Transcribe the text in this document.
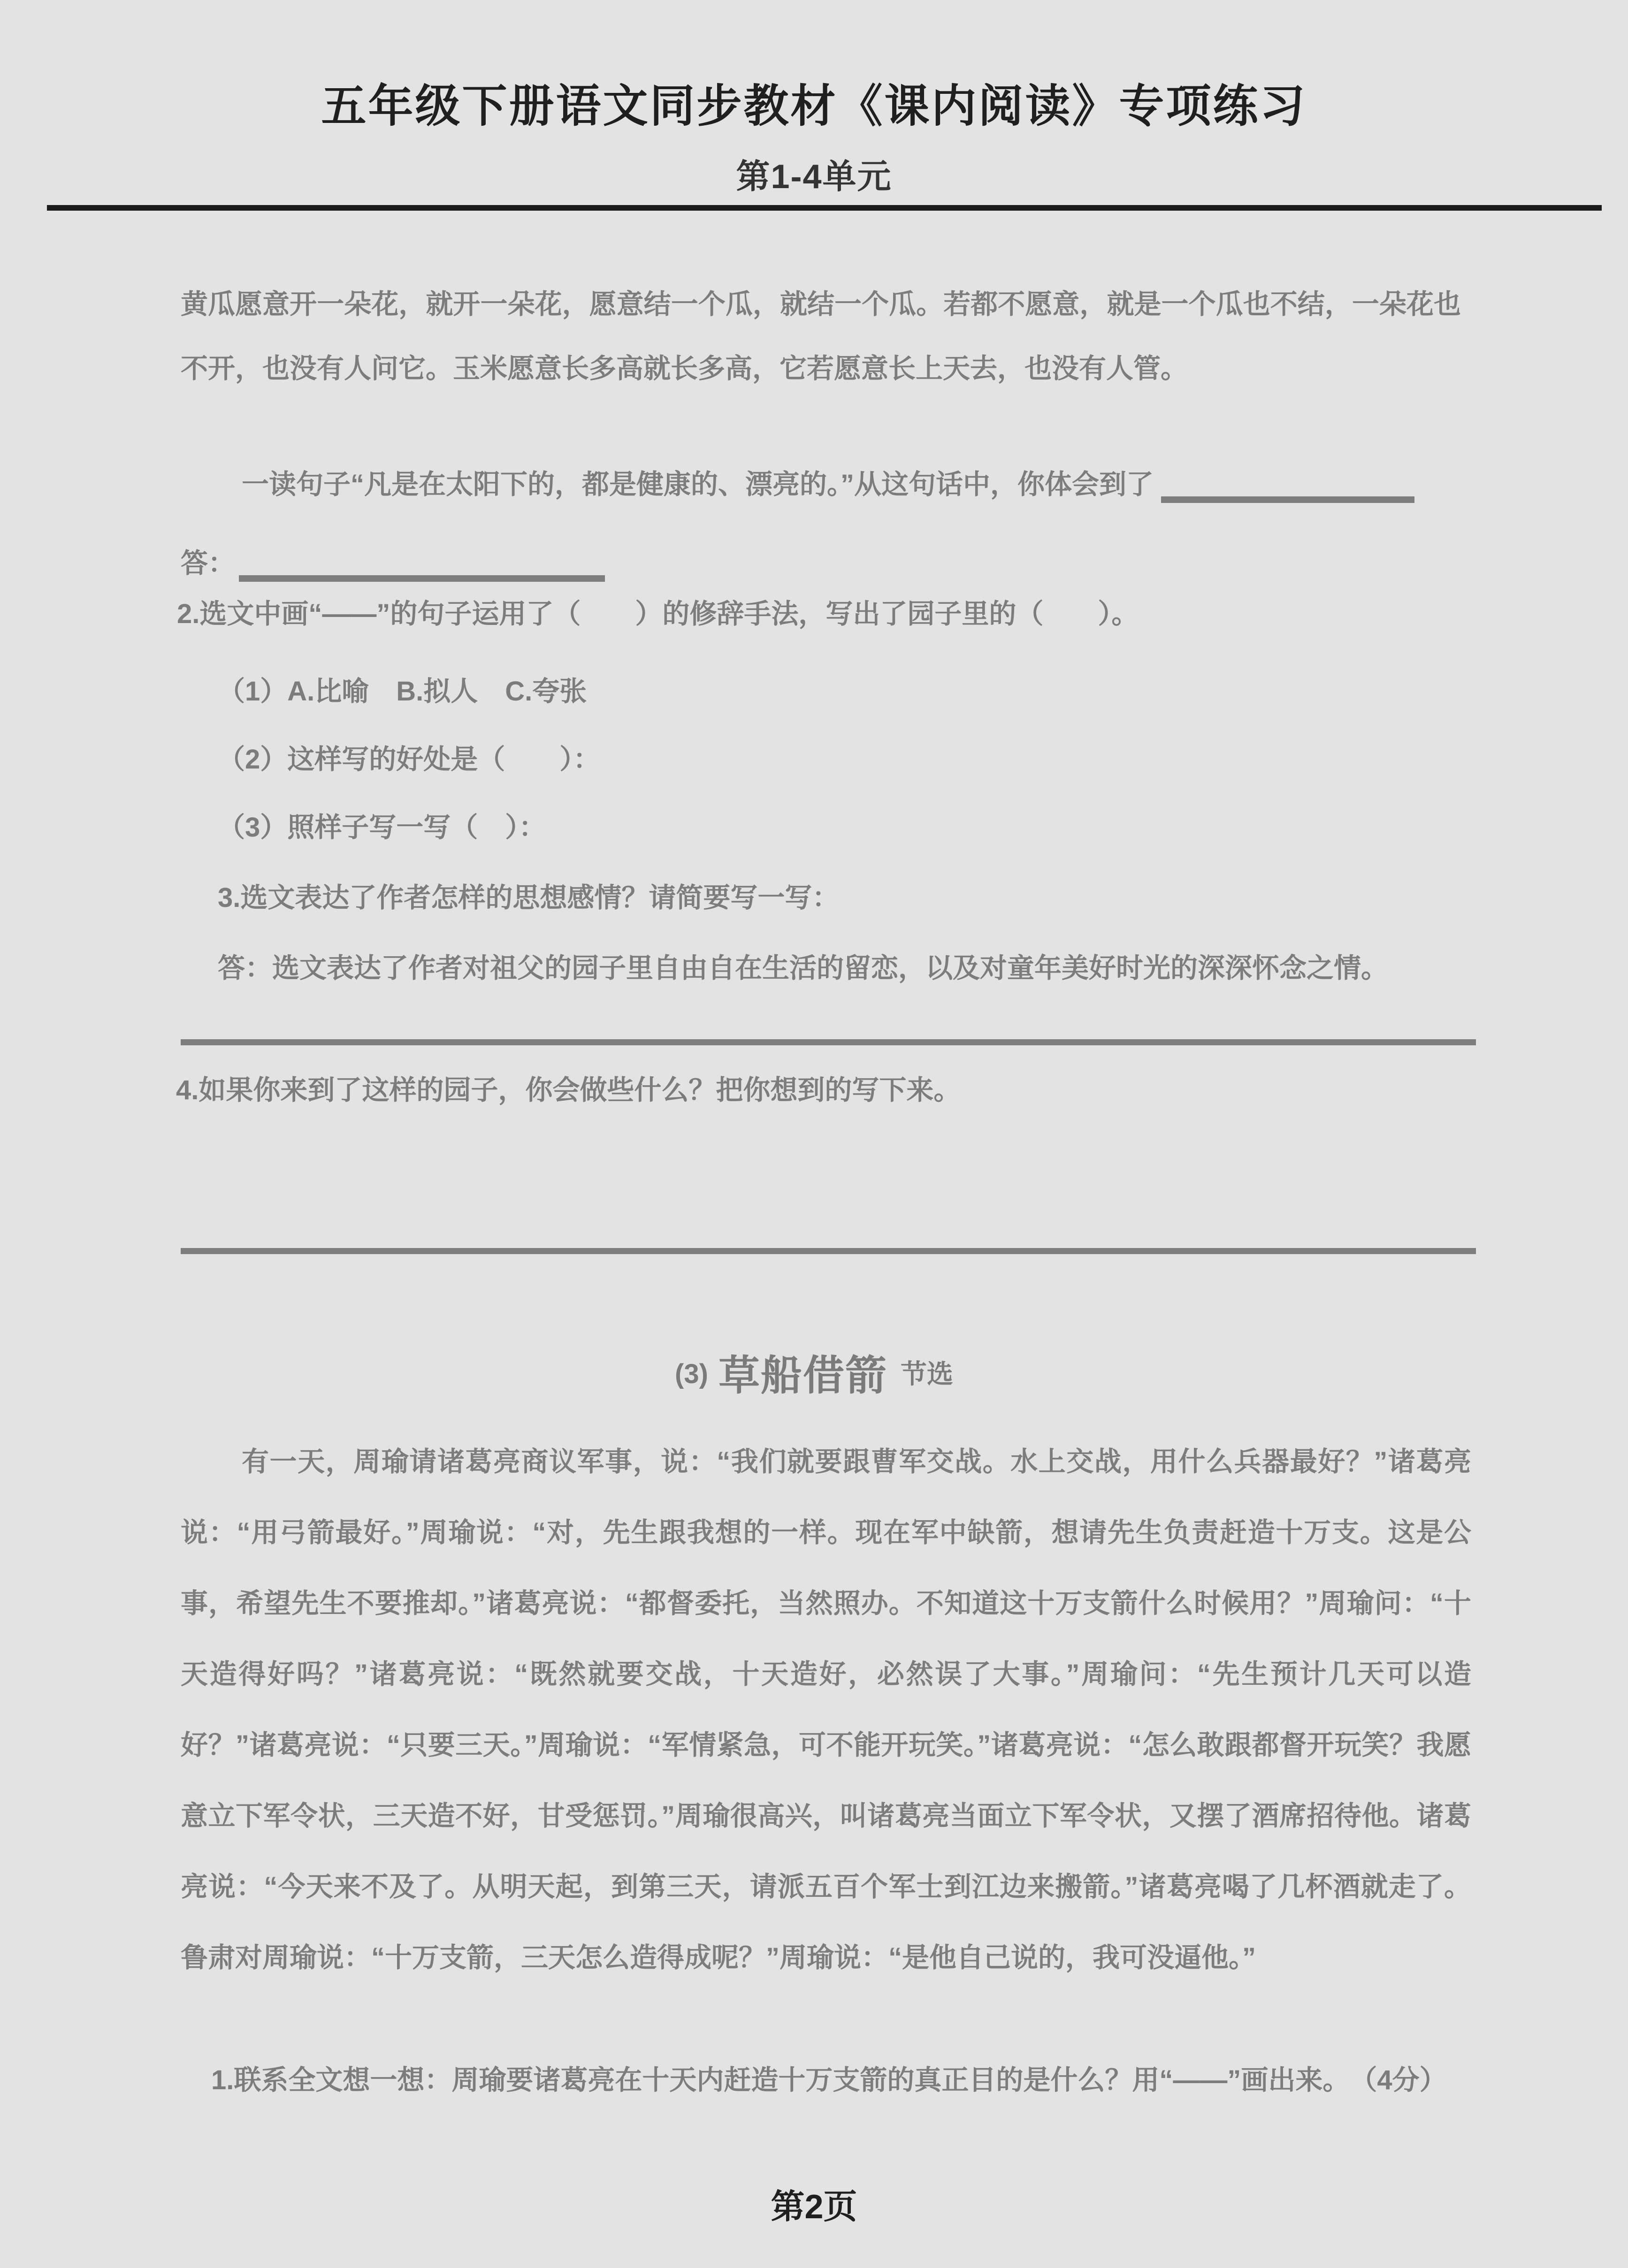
五年级下册语文同步教材《课内阅读》专项练习
第1-4单元
黄瓜愿意开一朵花，就开一朵花，愿意结一个瓜，就结一个瓜。若都不愿意，就是一个瓜也不结，一朵花也不开，也没有人问它。玉米愿意长多高就长多高，它若愿意长上天去，也没有人管。
一读句子“凡是在太阳下的，都是健康的、漂亮的。”从这句话中，你体会到了
答：
2.选文中画“——”的句子运用了（　　）的修辞手法，写出了园子里的（　　）。
（1）A.比喻　B.拟人　C.夸张
（2）这样写的好处是（　　）：
（3）照样子写一写（　）：
3.选文表达了作者怎样的思想感情？请简要写一写：
答：选文表达了作者对祖父的园子里自由自在生活的留恋，以及对童年美好时光的深深怀念之情。
4.如果你来到了这样的园子，你会做些什么？把你想到的写下来。
(3) 草船借箭 节选
有一天，周瑜请诸葛亮商议军事，说：“我们就要跟曹军交战。水上交战，用什么兵器最好？”诸葛亮说：“用弓箭最好。”周瑜说：“对，先生跟我想的一样。现在军中缺箭，想请先生负责赶造十万支。这是公事，希望先生不要推却。”诸葛亮说：“都督委托，当然照办。不知道这十万支箭什么时候用？”周瑜问：“十天造得好吗？”诸葛亮说：“既然就要交战，十天造好，必然误了大事。”周瑜问：“先生预计几天可以造好？”诸葛亮说：“只要三天。”周瑜说：“军情紧急，可不能开玩笑。”诸葛亮说：“怎么敢跟都督开玩笑？我愿意立下军令状，三天造不好，甘受惩罚。”周瑜很高兴，叫诸葛亮当面立下军令状，又摆了酒席招待他。诸葛亮说：“今天来不及了。从明天起，到第三天，请派五百个军士到江边来搬箭。”诸葛亮喝了几杯酒就走了。鲁肃对周瑜说：“十万支箭，三天怎么造得成呢？”周瑜说：“是他自己说的，我可没逼他。”
1.联系全文想一想：周瑜要诸葛亮在十天内赶造十万支箭的真正目的是什么？用“——”画出来。　（4分）
第2页
